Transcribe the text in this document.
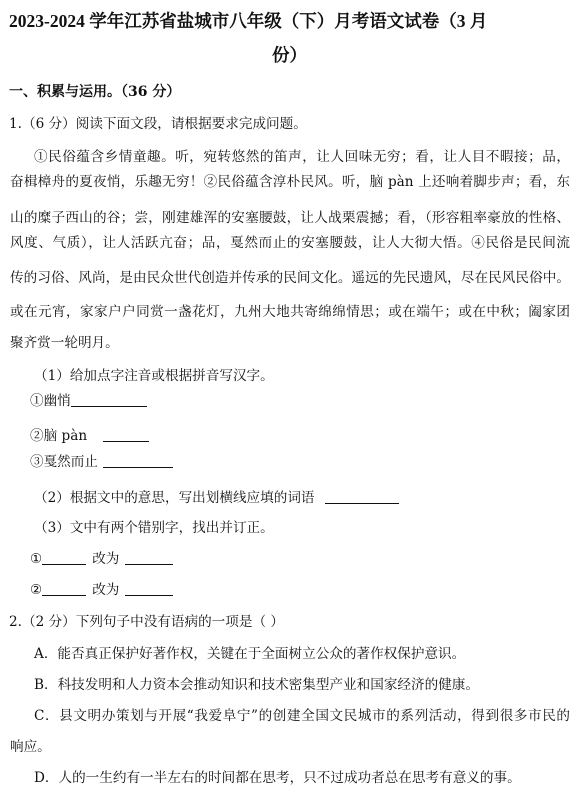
2023-2024 学年江苏省盐城市八年级（下）月考语文试卷（3 月
份）
一、积累与运用。（36 分）
1.（6 分）阅读下面文段，请根据要求完成问题。
①民俗蕴含乡情童趣。听，宛转悠然的笛声，让人回味无穷；看，让人目不暇接；品，
奋楫樟舟的夏夜悄，乐趣无穷！②民俗蕴含淳朴民风。听，脑 pàn 上还响着脚步声；看，东
山的糜子西山的谷；尝，刚建雄浑的安塞腰鼓，让人战栗震撼；看，（形容粗率豪放的性格、
风度、气质），让人活跃亢奋；品，戛然而止的安塞腰鼓，让人大彻大悟。④民俗是民间流
传的习俗、风尚，是由民众世代创造并传承的民间文化。遥远的先民遗风，尽在民风民俗中。
或在元宵，家家户户同赏一盏花灯，九州大地共寄绵绵情思；或在端午；或在中秋；阖家团
聚齐赏一轮明月。
（1）给加点字注音或根据拼音写汉字。
①幽悄
②脑 pàn
③戛然而止
（2）根据文中的意思，写出划横线应填的词语
（3）文中有两个错别字，找出并订正。
①	改为
②	改为
2.（2 分）下列句子中没有语病的一项是（ ）
A．能否真正保护好著作权，关键在于全面树立公众的著作权保护意识。
B．科技发明和人力资本会推动知识和技术密集型产业和国家经济的健康。
C．县文明办策划与开展“我爱阜宁”的创建全国文民城市的系列活动，得到很多市民的
响应。
D．人的一生约有一半左右的时间都在思考，只不过成功者总在思考有意义的事。
